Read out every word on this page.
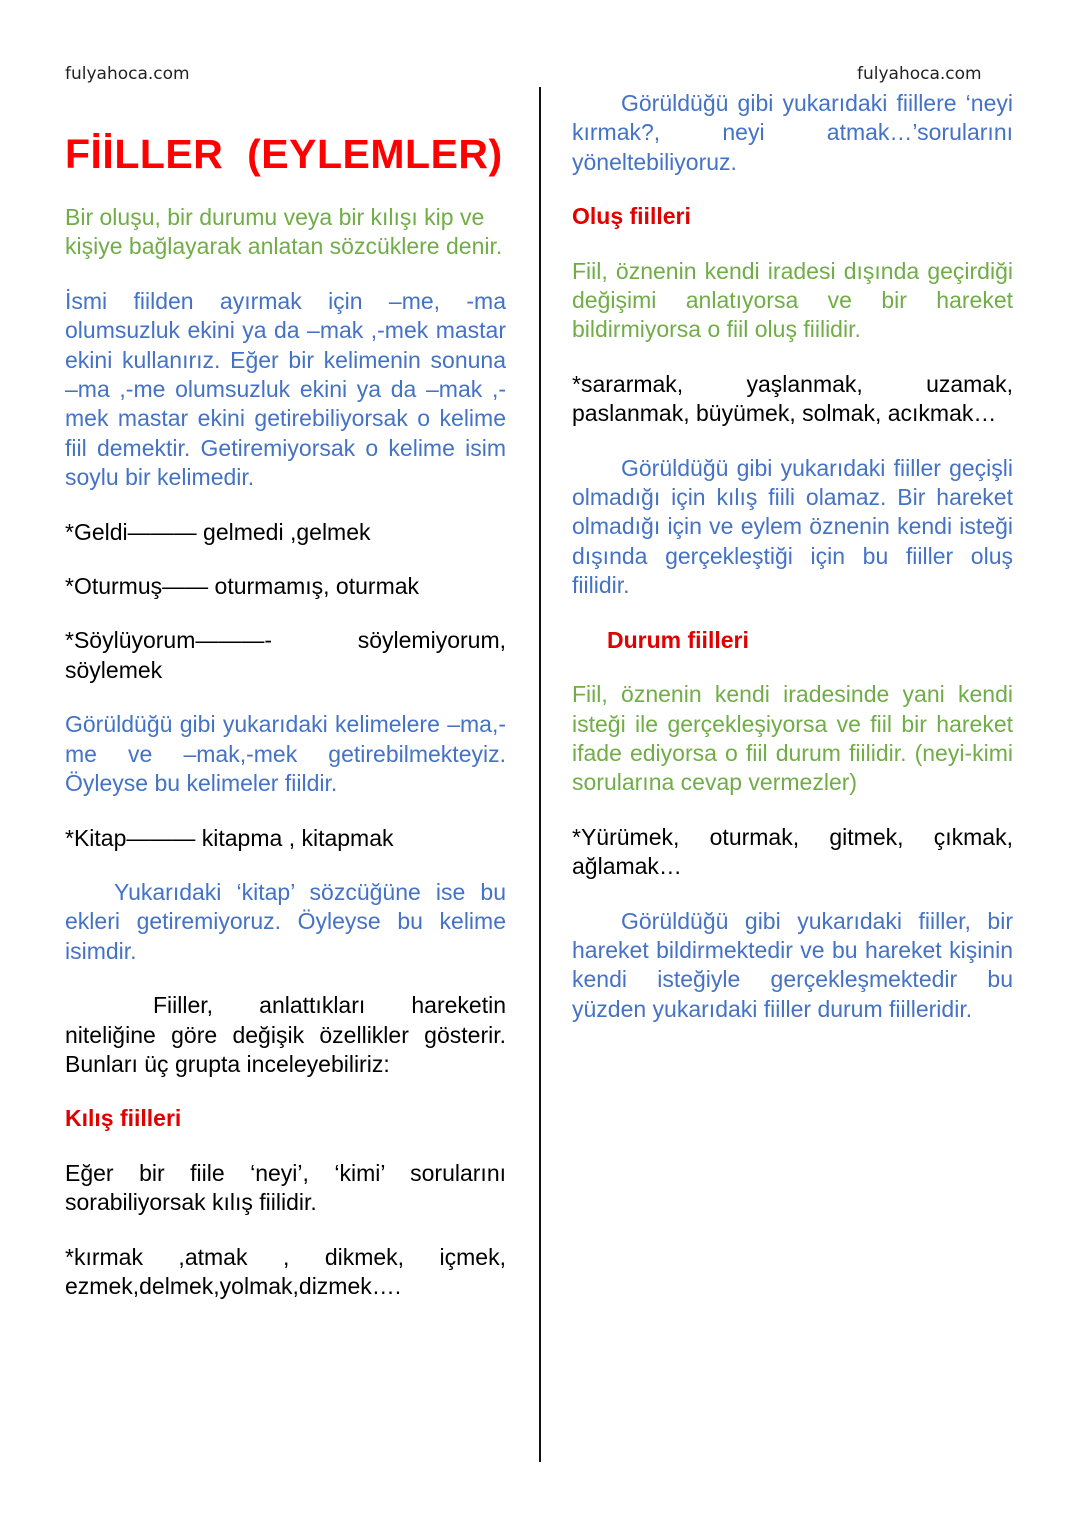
fulyahoca.com	fulyahoca.com
FİİLLER  (EYLEMLER)

Bir oluşu, bir durumu veya bir kılışı kip ve kişiye bağlayarak anlatan sözcüklere denir.

İsmi fiilden ayırmak için –me, -ma olumsuzluk ekini ya da –mak ,-mek mastar ekini kullanırız. Eğer bir kelimenin sonuna –ma ,-me olumsuzluk ekini ya da –mak ,-mek mastar ekini getirebiliyorsak o kelime fiil demektir. Getiremiyorsak o kelime isim soylu bir kelimedir.

*Geldi——— gelmedi ,gelmek

*Oturmuş—— oturmamış, oturmak

*Söylüyorum———-	söylemiyorum,
söylemek

Görüldüğü gibi yukarıdaki kelimelere –ma,-me ve –mak,-mek getirebilmekteyiz. Öyleyse bu kelimeler fiildir.

*Kitap——— kitapma , kitapmak

Yukarıdaki ‘kitap’ sözcüğüne ise bu ekleri getiremiyoruz. Öyleyse bu kelime isimdir.

Fiiller, anlattıkları hareketin niteliğine göre değişik özellikler gösterir. Bunları üç grupta inceleyebiliriz:

Kılış fiilleri

Eğer bir fiile ‘neyi’, ‘kimi’ sorularını sorabiliyorsak kılış fiilidir.

*kırmak ,atmak , dikmek, içmek, ezmek,delmek,yolmak,dizmek….

Görüldüğü gibi yukarıdaki fiillere ‘neyi kırmak?, neyi atmak…’sorularını yöneltebiliyoruz.

Oluş fiilleri

Fiil, öznenin kendi iradesi dışında geçirdiği değişimi anlatıyorsa ve bir hareket bildirmiyorsa o fiil oluş fiilidir.

*sararmak, yaşlanmak, uzamak, paslanmak, büyümek, solmak, acıkmak…

Görüldüğü gibi yukarıdaki fiiller geçişli olmadığı için kılış fiili olamaz. Bir hareket olmadığı için ve eylem öznenin kendi isteği dışında gerçekleştiği için bu fiiller oluş fiilidir.

Durum fiilleri

Fiil, öznenin kendi iradesinde yani kendi isteği ile gerçekleşiyorsa ve fiil bir hareket ifade ediyorsa o fiil durum fiilidir. (neyi-kimi sorularına cevap vermezler)

*Yürümek, oturmak, gitmek, çıkmak, ağlamak…

Görüldüğü gibi yukarıdaki fiiller, bir hareket bildirmektedir ve bu hareket kişinin kendi isteğiyle gerçekleşmektedir bu yüzden yukarıdaki fiiller durum fiilleridir.
